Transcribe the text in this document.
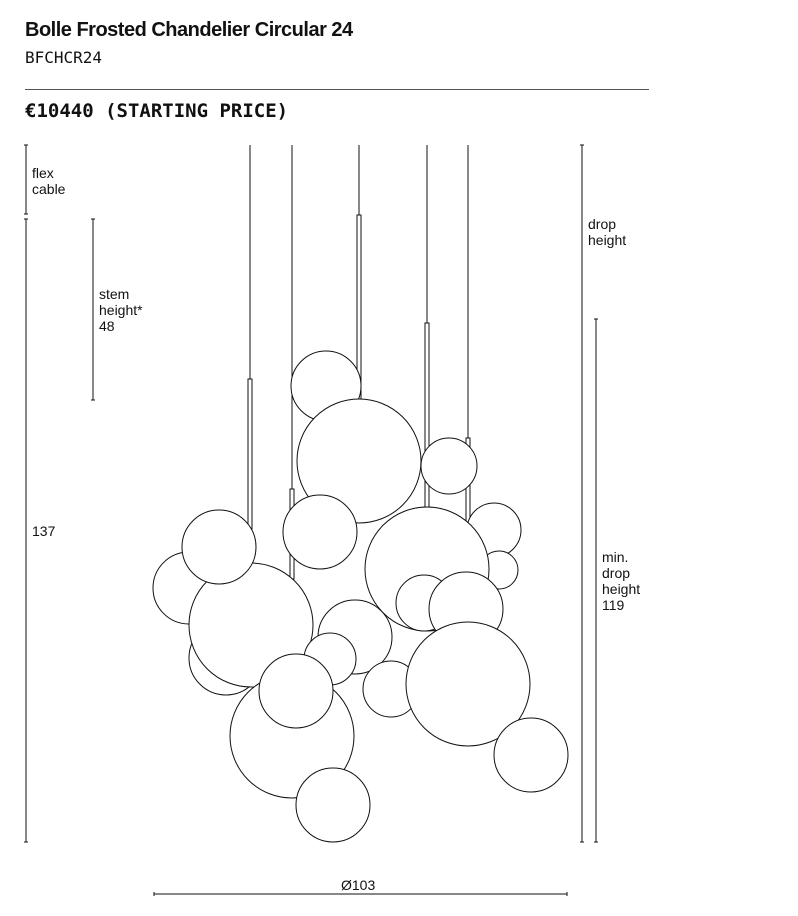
Bolle Frosted Chandelier Circular 24
BFCHCR24
€10440 (STARTING PRICE)
flex
cable
stem
height*
48
137
drop
height
min.
drop
height
119
Ø103
